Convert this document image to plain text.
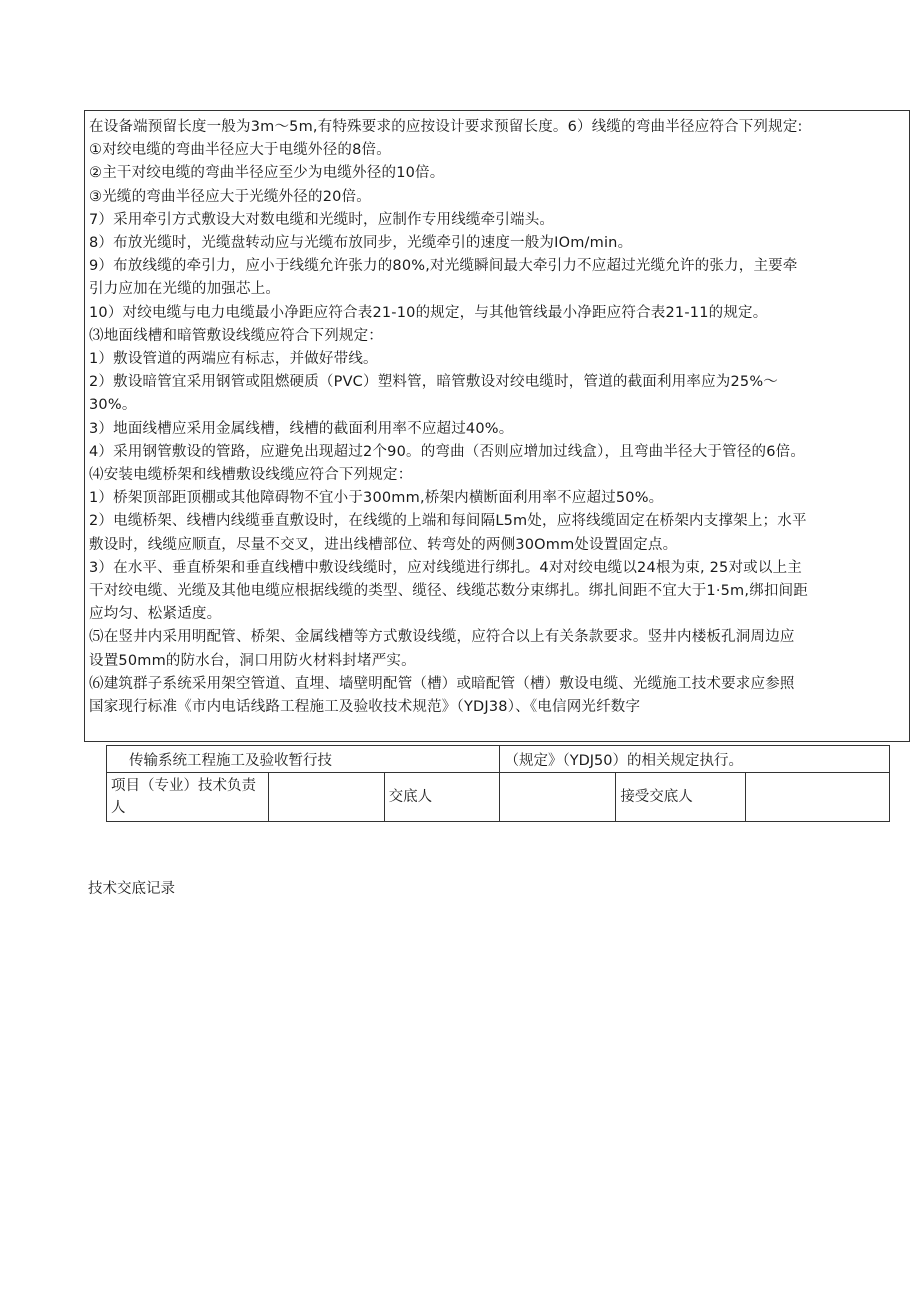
在设备端预留长度一般为3m～5m,有特殊要求的应按设计要求预留长度。6）线缆的弯曲半径应符合下列规定:

①对绞电缆的弯曲半径应大于电缆外径的8倍。

②主干对绞电缆的弯曲半径应至少为电缆外径的10倍。

③光缆的弯曲半径应大于光缆外径的20倍。

7）采用牵引方式敷设大对数电缆和光缆时，应制作专用线缆牵引端头。

8）布放光缆时，光缆盘转动应与光缆布放同步，光缆牵引的速度一般为IOm/min。

9）布放线缆的牵引力，应小于线缆允许张力的80%,对光缆瞬间最大牵引力不应超过光缆允许的张力，主要牵

引力应加在光缆的加强芯上。

10）对绞电缆与电力电缆最小净距应符合表21-10的规定，与其他管线最小净距应符合表21-11的规定。

⑶地面线槽和暗管敷设线缆应符合下列规定：

1）敷设管道的两端应有标志，并做好带线。

2）敷设暗管宜采用钢管或阻燃硬质（PVC）塑料管，暗管敷设对绞电缆时，管道的截面利用率应为25%～

30%。

3）地面线槽应采用金属线槽，线槽的截面利用率不应超过40%。

4）采用钢管敷设的管路，应避免出现超过2个90。的弯曲（否则应增加过线盒），且弯曲半径大于管径的6倍。

⑷安装电缆桥架和线槽敷设线缆应符合下列规定：

1）桥架顶部距顶棚或其他障碍物不宜小于300mm,桥架内横断面利用率不应超过50%。

2）电缆桥架、线槽内线缆垂直敷设时，在线缆的上端和每间隔L5m处，应将线缆固定在桥架内支撑架上；水平

敷设时，线缆应顺直，尽量不交叉，进出线槽部位、转弯处的两侧30Omm处设置固定点。

3）在水平、垂直桥架和垂直线槽中敷设线缆时，应对线缆进行绑扎。4对对绞电缆以24根为束, 25对或以上主

干对绞电缆、光缆及其他电缆应根据线缆的类型、缆径、线缆芯数分束绑扎。绑扎间距不宜大于1·5m,绑扣间距

应均匀、松紧适度。

⑸在竖井内采用明配管、桥架、金属线槽等方式敷设线缆，应符合以上有关条款要求。竖井内楼板孔洞周边应

设置50mm的防水台，洞口用防火材料封堵严实。

⑹建筑群子系统采用架空管道、直埋、墙壁明配管（槽）或暗配管（槽）敷设电缆、光缆施工技术要求应参照

国家现行标准《市内电话线路工程施工及验收技术规范》（YDJ38）、《电信网光纤数字

传输系统工程施工及验收暂行技			（规定》（YDJ50）的相关规定执行。		
项目（专业）技术负责人		交底人		接受交底人	
技术交底记录
